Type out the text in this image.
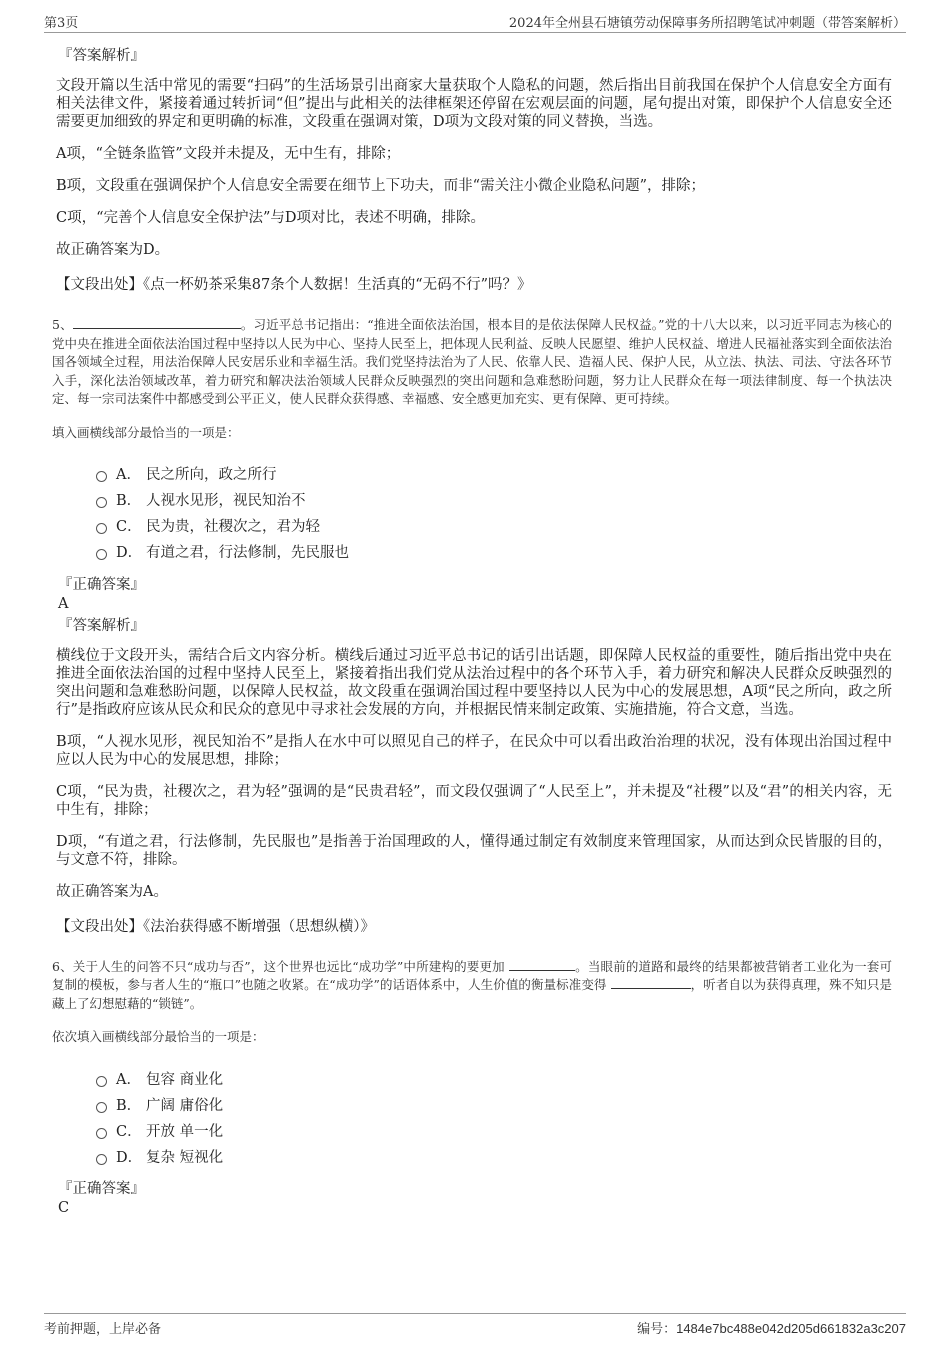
第3页	2024年全州县石塘镇劳动保障事务所招聘笔试冲刺题（带答案解析）
『答案解析』
文段开篇以生活中常见的需要“扫码”的生活场景引出商家大量获取个人隐私的问题，然后指出目前我国在保护个人信息安全方面有相关法律文件，紧接着通过转折词“但”提出与此相关的法律框架还停留在宏观层面的问题，尾句提出对策，即保护个人信息安全还需要更加细致的界定和更明确的标准，文段重在强调对策，D项为文段对策的同义替换，当选。
A项，“全链条监管”文段并未提及，无中生有，排除；
B项，文段重在强调保护个人信息安全需要在细节上下功夫，而非“需关注小微企业隐私问题”，排除；
C项，“完善个人信息安全保护法”与D项对比，表述不明确，排除。
故正确答案为D。
【文段出处】《点一杯奶茶采集87条个人数据！生活真的“无码不行”吗？》
5、	。习近平总书记指出：“推进全面依法治国，根本目的是依法保障人民权益。”党的十八大以来，以习近平同志为核心的党中央在推进全面依法治国过程中坚持以人民为中心、坚持人民至上，把体现人民利益、反映人民愿望、维护人民权益、增进人民福祉落实到全面依法治国各领域全过程，用法治保障人民安居乐业和幸福生活。我们党坚持法治为了人民、依靠人民、造福人民、保护人民，从立法、执法、司法、守法各环节入手，深化法治领域改革，着力研究和解决法治领域人民群众反映强烈的突出问题和急难愁盼问题，努力让人民群众在每一项法律制度、每一个执法决定、每一宗司法案件中都感受到公平正义，使人民群众获得感、幸福感、安全感更加充实、更有保障、更可持续。
填入画横线部分最恰当的一项是：
A． 民之所向，政之所行
B． 人视水见形，视民知治不
C． 民为贵，社稷次之，君为轻
D． 有道之君，行法修制，先民服也
『正确答案』
A
『答案解析』
横线位于文段开头，需结合后文内容分析。横线后通过习近平总书记的话引出话题，即保障人民权益的重要性，随后指出党中央在推进全面依法治国的过程中坚持人民至上，紧接着指出我们党从法治过程中的各个环节入手，着力研究和解决人民群众反映强烈的突出问题和急难愁盼问题，以保障人民权益，故文段重在强调治国过程中要坚持以人民为中心的发展思想，A项“民之所向，政之所行”是指政府应该从民众和民众的意见中寻求社会发展的方向，并根据民情来制定政策、实施措施，符合文意，当选。
B项，“人视水见形，视民知治不”是指人在水中可以照见自己的样子，在民众中可以看出政治治理的状况，没有体现出治国过程中应以人民为中心的发展思想，排除；
C项，“民为贵，社稷次之，君为轻”强调的是“民贵君轻”，而文段仅强调了“人民至上”，并未提及“社稷”以及“君”的相关内容，无中生有，排除；
D项，“有道之君，行法修制，先民服也”是指善于治国理政的人，懂得通过制定有效制度来管理国家，从而达到众民皆服的目的，与文意不符，排除。
故正确答案为A。
【文段出处】《法治获得感不断增强（思想纵横）》
6、关于人生的问答不只“成功与否”，这个世界也远比“成功学”中所建构的要更加	。当眼前的道路和最终的结果都被营销者工业化为一套可复制的模板，参与者人生的“瓶口”也随之收紧。在“成功学”的话语体系中，人生价值的衡量标准变得	，听者自以为获得真理，殊不知只是藏上了幻想慰藉的“锁链”。
依次填入画横线部分最恰当的一项是：
A． 包容 商业化
B． 广阔 庸俗化
C． 开放 单一化
D． 复杂 短视化
『正确答案』
C
考前押题，上岸必备	编号：1484e7bc488e042d205d661832a3c207
